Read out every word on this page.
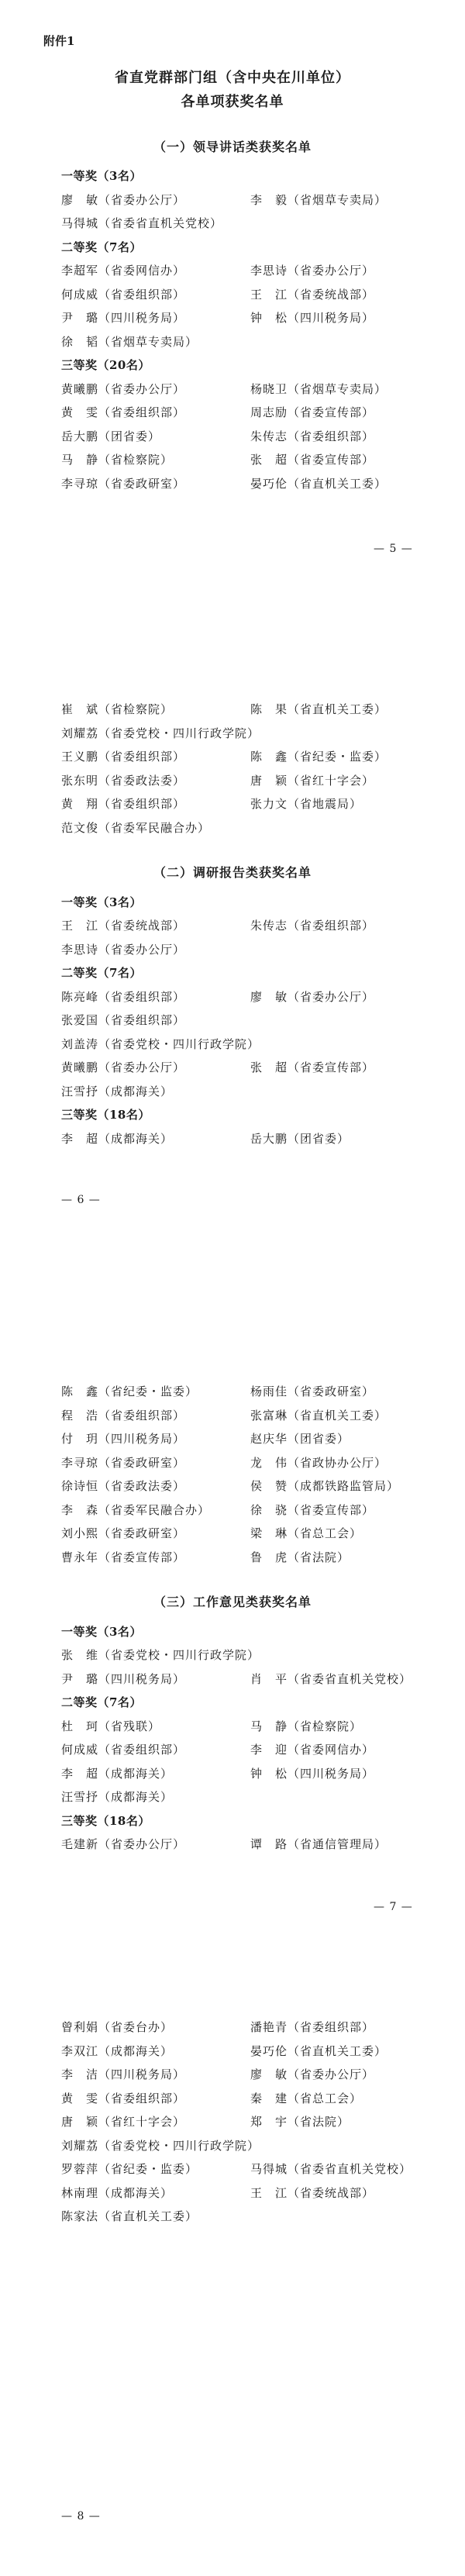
附件1
省直党群部门组（含中央在川单位）
各单项获奖名单
（一）领导讲话类获奖名单
一等奖（3名）
廖　敏（省委办公厅）	李　毅（省烟草专卖局）
马得城（省委省直机关党校）
二等奖（7名）
李超军（省委网信办）	李思诗（省委办公厅）
何成威（省委组织部）	王　江（省委统战部）
尹　璐（四川税务局）	钟　松（四川税务局）
徐　韬（省烟草专卖局）
三等奖（20名）
黄曦鹏（省委办公厅）	杨晓卫（省烟草专卖局）
黄　雯（省委组织部）	周志励（省委宣传部）
岳大鹏（团省委）	朱传志（省委组织部）
马　静（省检察院）	张　超（省委宣传部）
李寻琼（省委政研室）	晏巧伦（省直机关工委）
— 5 —
崔　斌（省检察院）	陈　果（省直机关工委）
刘耀荔（省委党校・四川行政学院）
王义鹏（省委组织部）	陈　鑫（省纪委・监委）
张东明（省委政法委）	唐　颖（省红十字会）
黄　翔（省委组织部）	张力文（省地震局）
范文俊（省委军民融合办）
（二）调研报告类获奖名单
一等奖（3名）
王　江（省委统战部）	朱传志（省委组织部）
李思诗（省委办公厅）
二等奖（7名）
陈亮峰（省委组织部）	廖　敏（省委办公厅）
张爱国（省委组织部）
刘盖涛（省委党校・四川行政学院）
黄曦鹏（省委办公厅）	张　超（省委宣传部）
汪雪抒（成都海关）
三等奖（18名）
李　超（成都海关）	岳大鹏（团省委）
— 6 —
陈　鑫（省纪委・监委）	杨雨佳（省委政研室）
程　浩（省委组织部）	张富琳（省直机关工委）
付　玥（四川税务局）	赵庆华（团省委）
李寻琼（省委政研室）	龙　伟（省政协办公厅）
徐诗恒（省委政法委）	侯　赞（成都铁路监管局）
李　森（省委军民融合办）	徐　骁（省委宣传部）
刘小熙（省委政研室）	梁　琳（省总工会）
曹永年（省委宣传部）	鲁　虎（省法院）
（三）工作意见类获奖名单
一等奖（3名）
张　维（省委党校・四川行政学院）
尹　璐（四川税务局）	肖　平（省委省直机关党校）
二等奖（7名）
杜　珂（省残联）	马　静（省检察院）
何成威（省委组织部）	李　迎（省委网信办）
李　超（成都海关）	钟　松（四川税务局）
汪雪抒（成都海关）
三等奖（18名）
毛建新（省委办公厅）	谭　路（省通信管理局）
— 7 —
曾利娟（省委台办）	潘艳青（省委组织部）
李双江（成都海关）	晏巧伦（省直机关工委）
李　洁（四川税务局）	廖　敏（省委办公厅）
黄　雯（省委组织部）	秦　建（省总工会）
唐　颖（省红十字会）	郑　宇（省法院）
刘耀荔（省委党校・四川行政学院）
罗蓉萍（省纪委・监委）	马得城（省委省直机关党校）
林南理（成都海关）	王　江（省委统战部）
陈家法（省直机关工委）
— 8 —
